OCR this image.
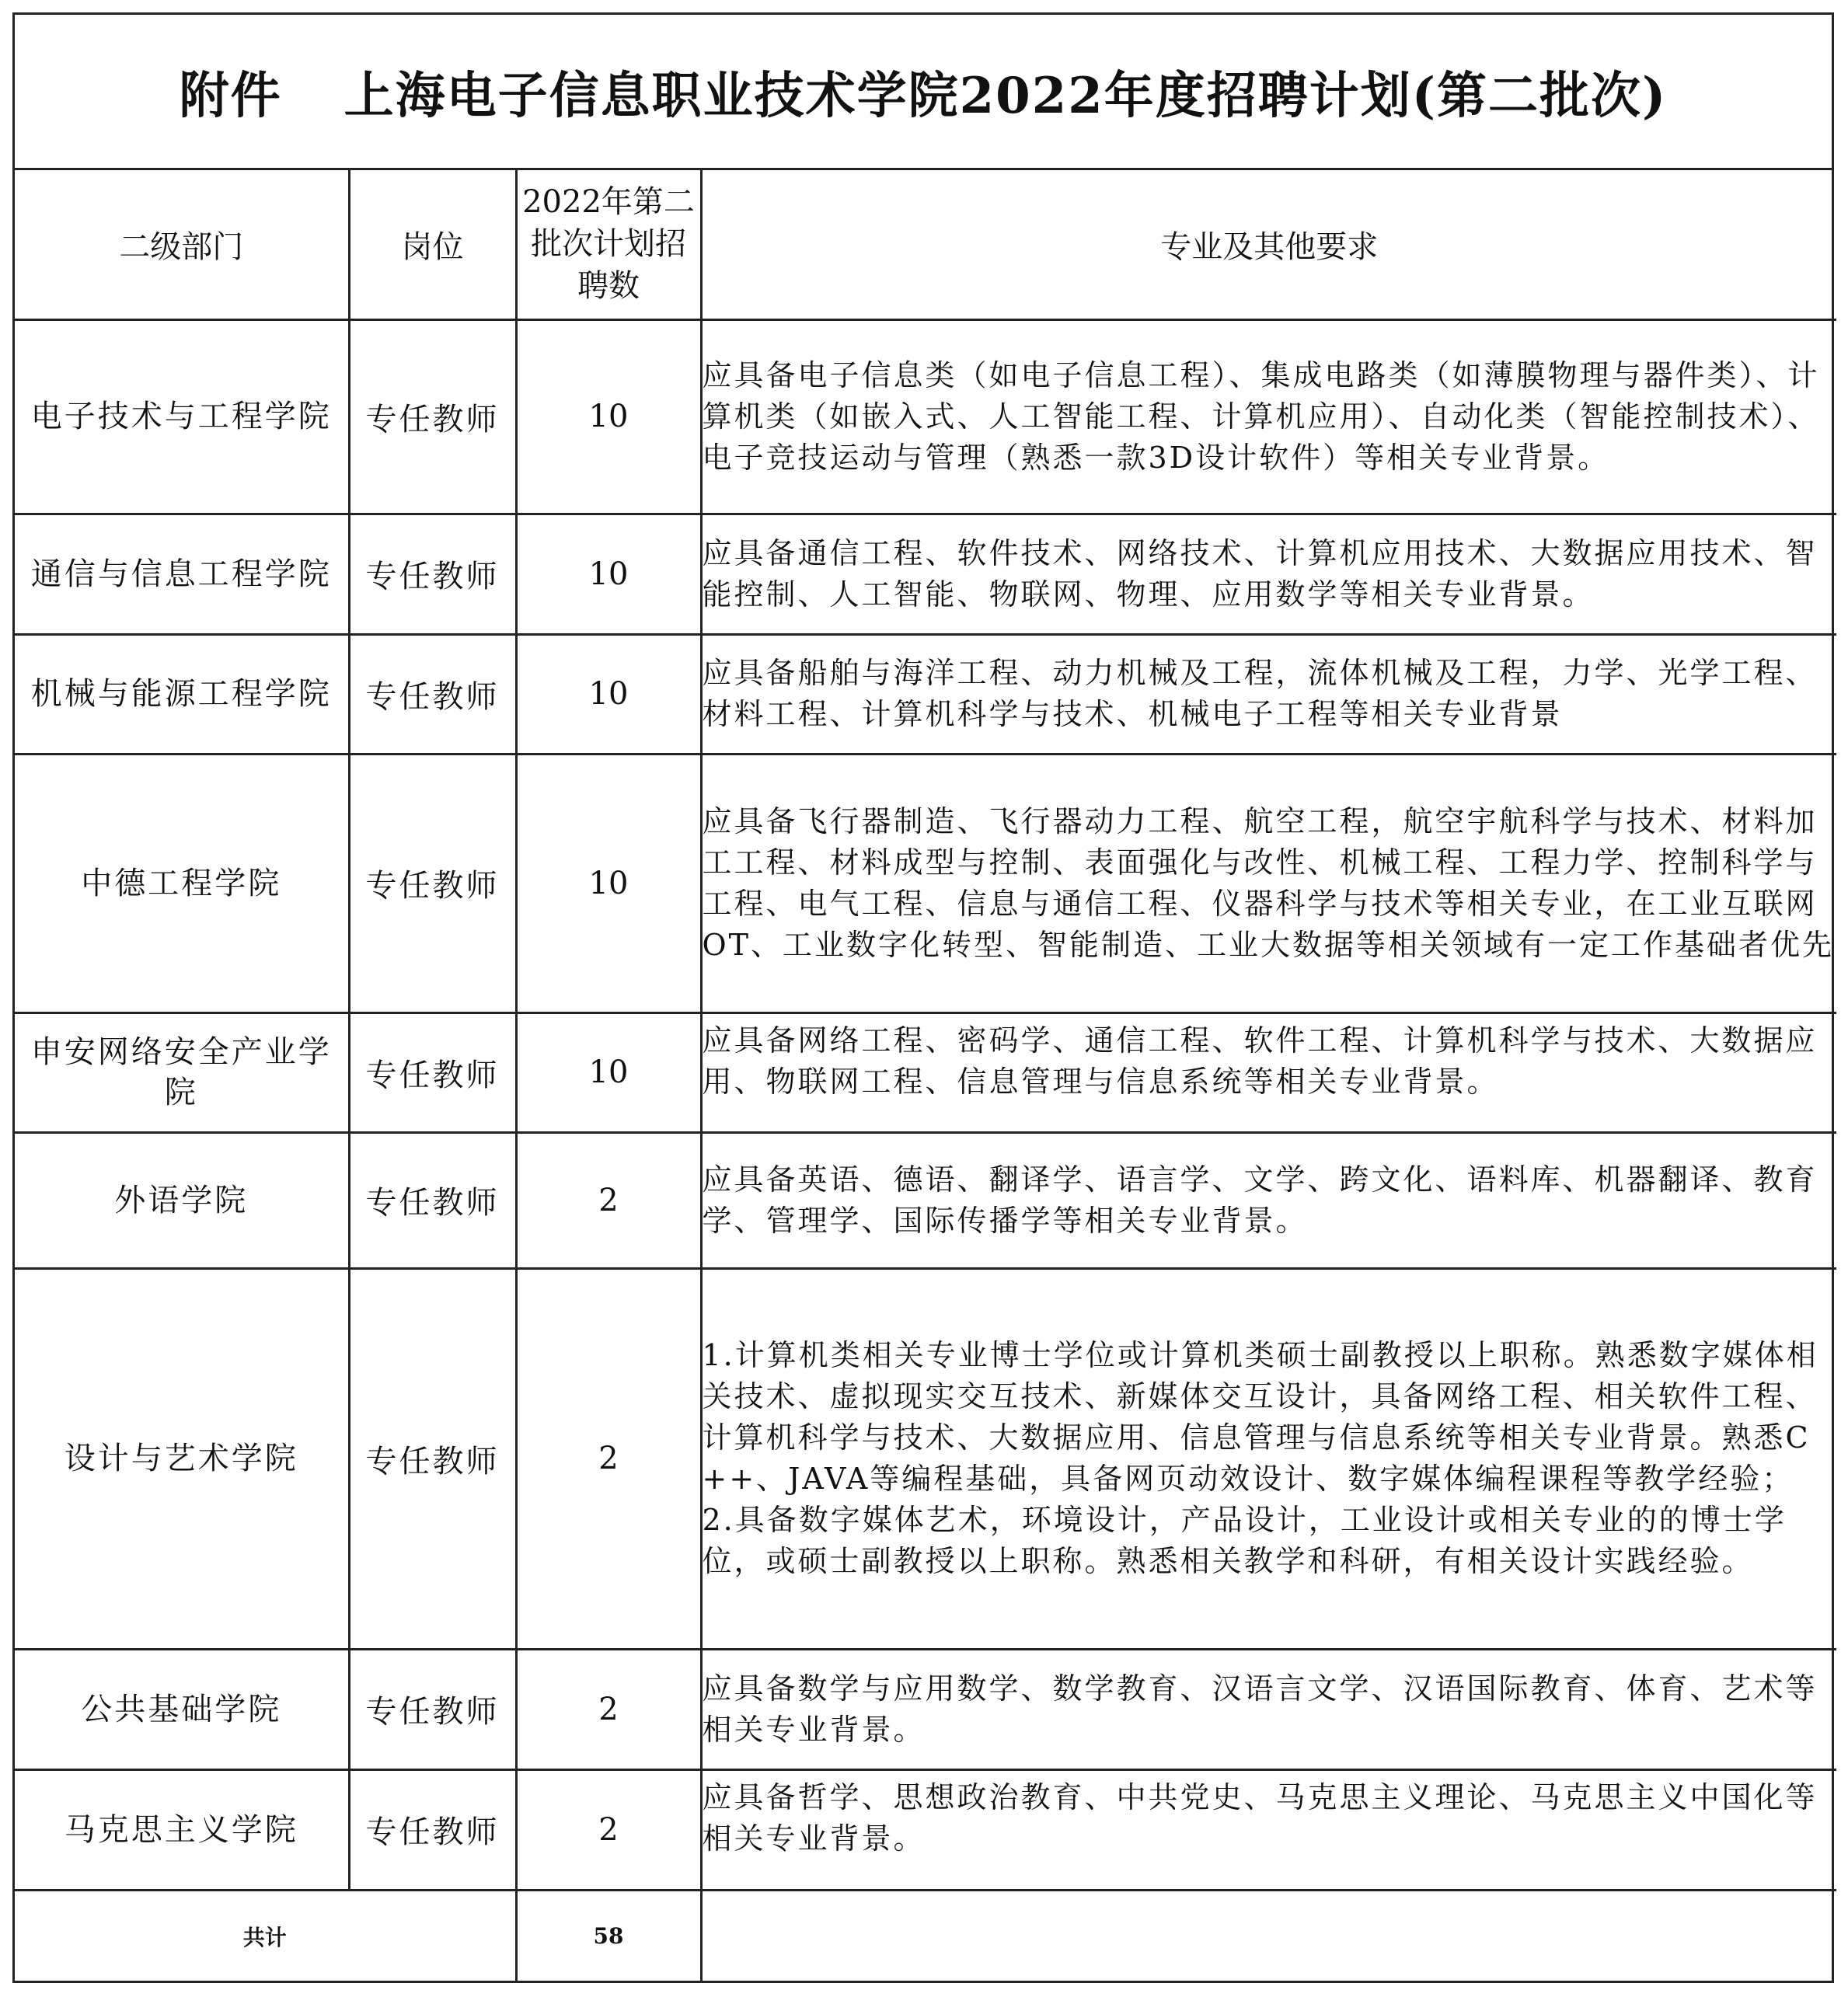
附件 上海电子信息职业技术学院2022年度招聘计划(第二批次)
二级部门	岗位	2022年第二批次计划招聘数	专业及其他要求
电子技术与工程学院	专任教师	10	应具备电子信息类（如电子信息工程）、集成电路类（如薄膜物理与器件类）、计算机类（如嵌入式、人工智能工程、计算机应用）、自动化类（智能控制技术）、电子竞技运动与管理（熟悉一款3D设计软件）等相关专业背景。

通信与信息工程学院	专任教师	10	应具备通信工程、软件技术、网络技术、计算机应用技术、大数据应用技术、智能控制、人工智能、物联网、物理、应用数学等相关专业背景。

机械与能源工程学院	专任教师	10	应具备船舶与海洋工程、动力机械及工程，流体机械及工程，力学、光学工程、材料工程、计算机科学与技术、机械电子工程等相关专业背景

中德工程学院	专任教师	10	应具备飞行器制造、飞行器动力工程、航空工程，航空宇航科学与技术、材料加工工程、材料成型与控制、表面强化与改性、机械工程、工程力学、控制科学与工程、电气工程、信息与通信工程、仪器科学与技术等相关专业，在工业互联网OT、工业数字化转型、智能制造、工业大数据等相关领域有一定工作基础者优先

申安网络安全产业学院	专任教师	10	应具备网络工程、密码学、通信工程、软件工程、计算机科学与技术、大数据应用、物联网工程、信息管理与信息系统等相关专业背景。

外语学院	专任教师	2	应具备英语、德语、翻译学、语言学、文学、跨文化、语料库、机器翻译、教育学、管理学、国际传播学等相关专业背景。

设计与艺术学院	专任教师	2	1.计算机类相关专业博士学位或计算机类硕士副教授以上职称。熟悉数字媒体相关技术、虚拟现实交互技术、新媒体交互设计，具备网络工程、相关软件工程、计算机科学与技术、大数据应用、信息管理与信息系统等相关专业背景。熟悉C++、JAVA等编程基础，具备网页动效设计、数字媒体编程课程等教学经验；
2.具备数字媒体艺术，环境设计，产品设计，工业设计或相关专业的的博士学位，或硕士副教授以上职称。熟悉相关教学和科研，有相关设计实践经验。

公共基础学院	专任教师	2	应具备数学与应用数学、数学教育、汉语言文学、汉语国际教育、体育、艺术等相关专业背景。

马克思主义学院	专任教师	2	应具备哲学、思想政治教育、中共党史、马克思主义理论、马克思主义中国化等相关专业背景。

共计		58	
